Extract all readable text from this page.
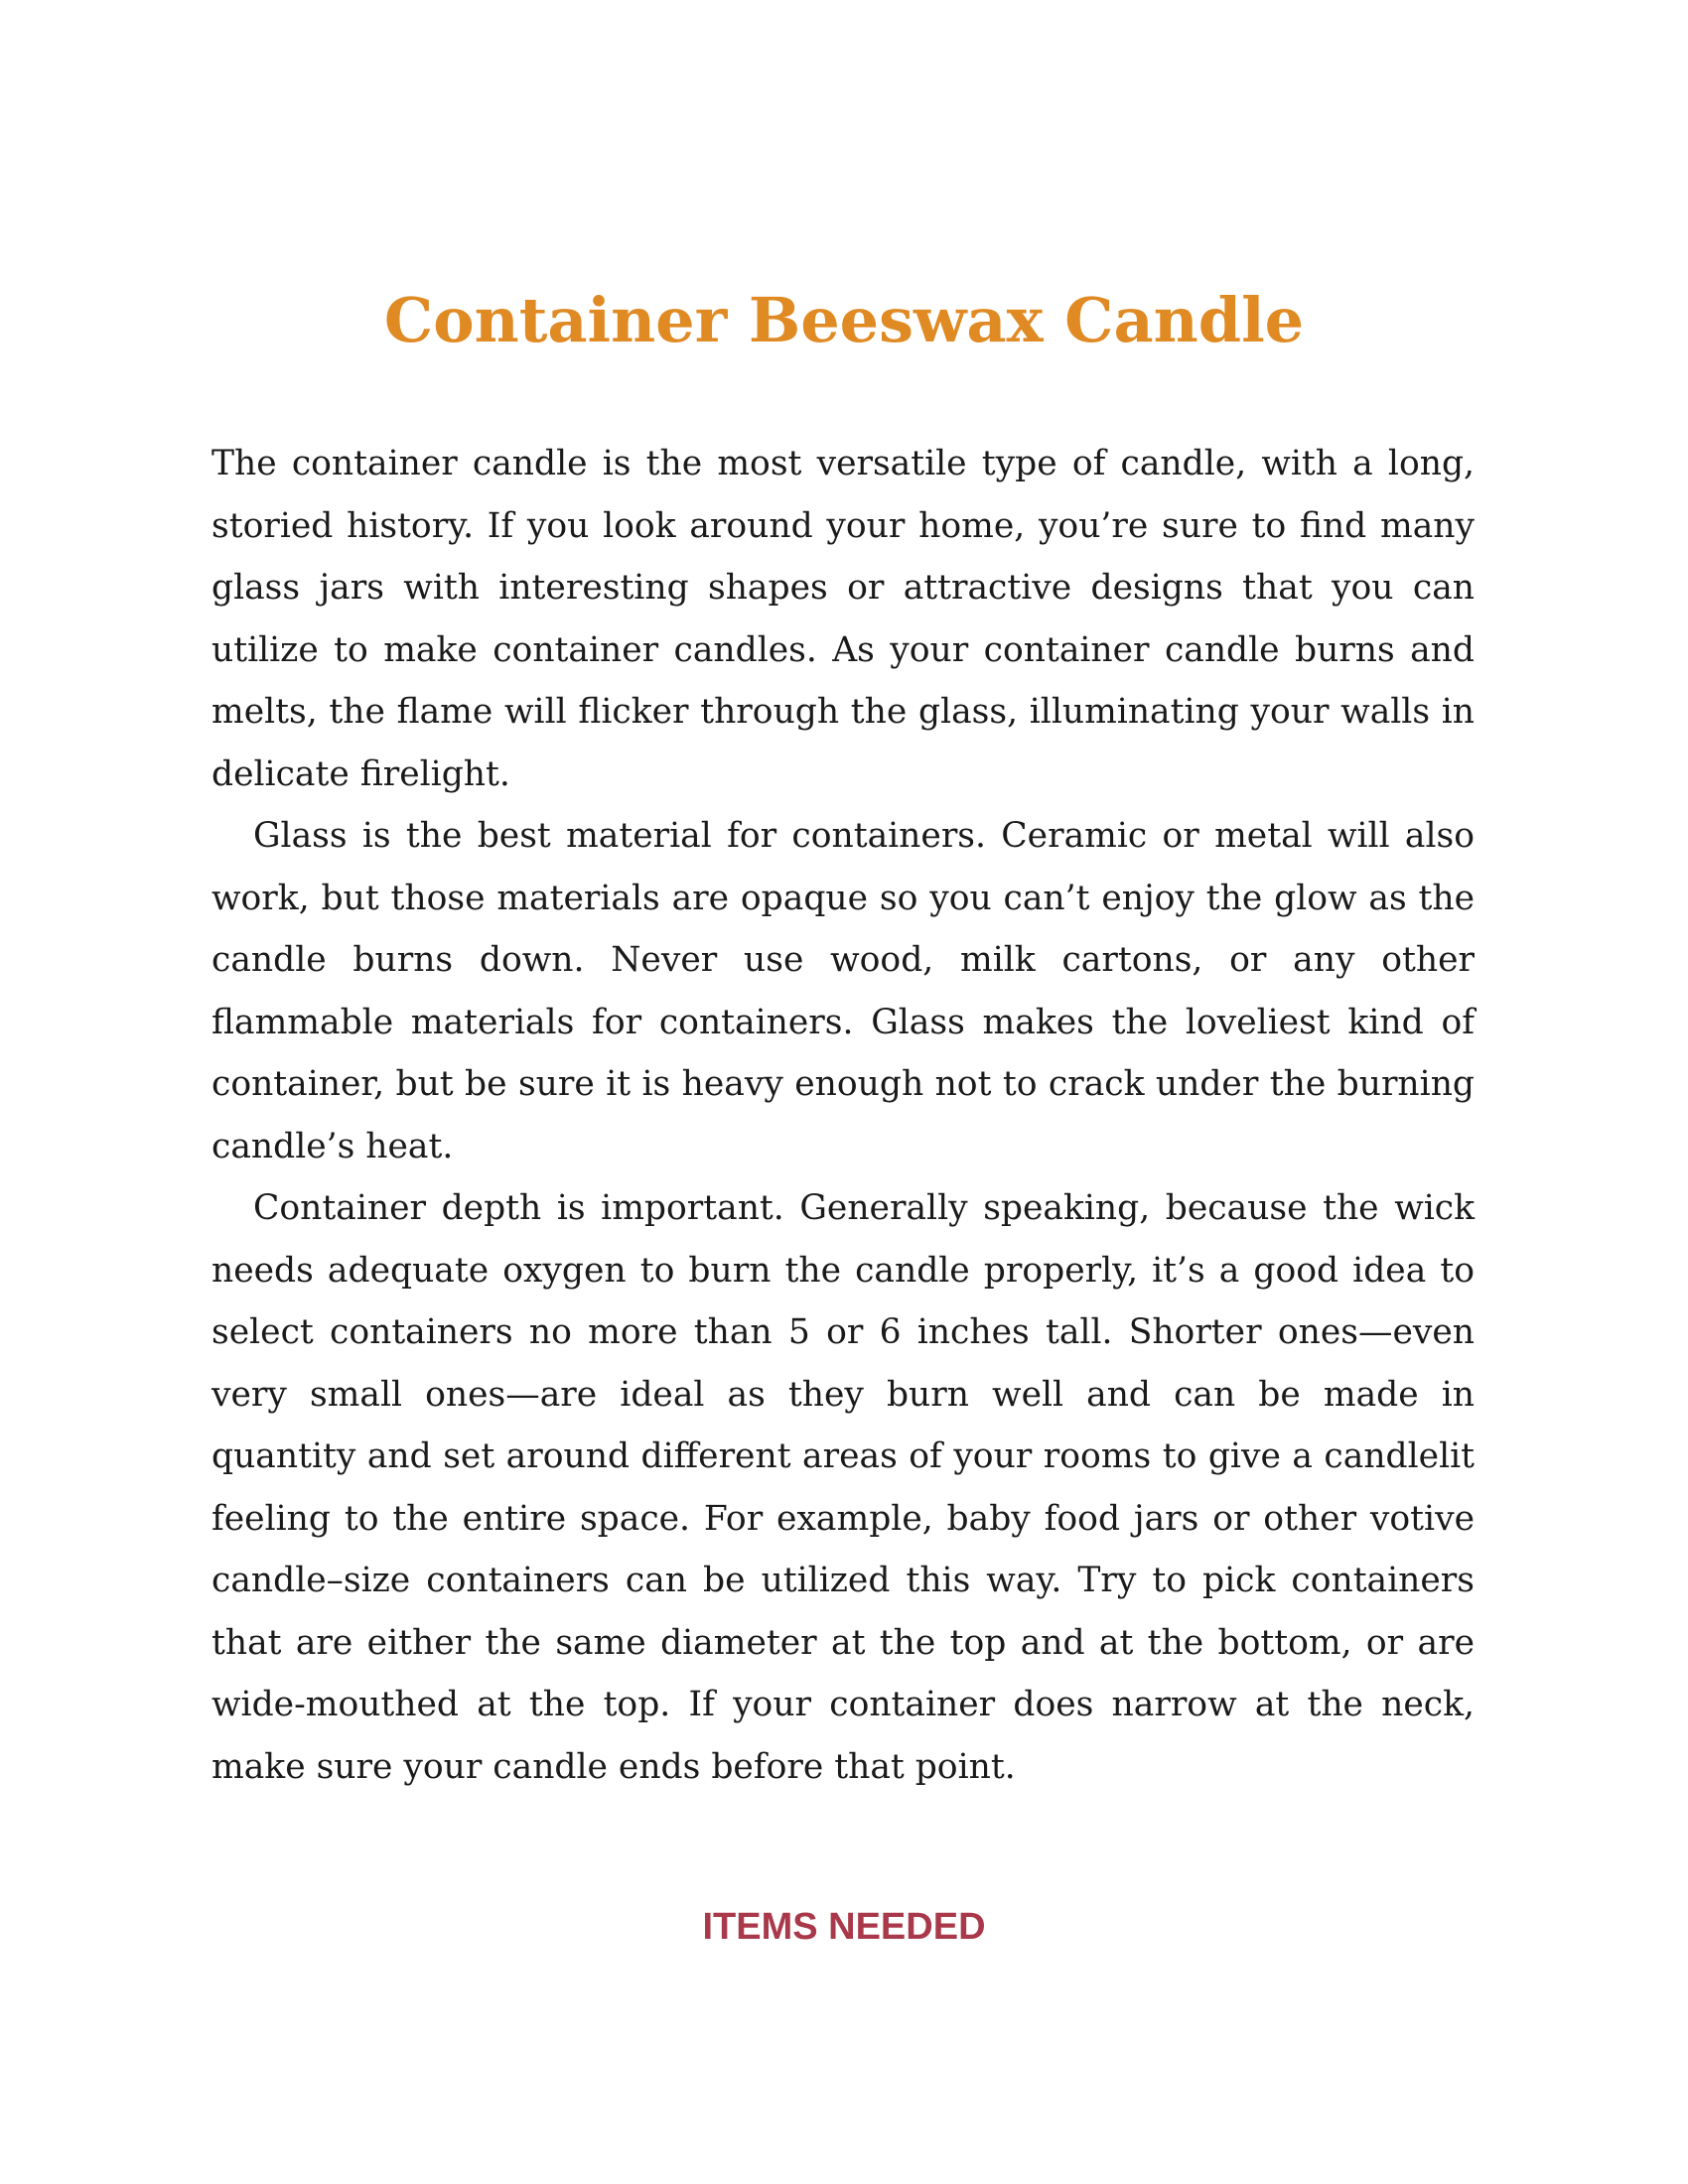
Container Beeswax Candle

The container candle is the most versatile type of candle, with a long, storied history. If you look around your home, you’re sure to find many glass jars with interesting shapes or attractive designs that you can utilize to make container candles. As your container candle burns and melts, the flame will flicker through the glass, illuminating your walls in delicate firelight.

Glass is the best material for containers. Ceramic or metal will also work, but those materials are opaque so you can’t enjoy the glow as the candle burns down. Never use wood, milk cartons, or any other flammable materials for containers. Glass makes the loveliest kind of container, but be sure it is heavy enough not to crack under the burning candle’s heat.

Container depth is important. Generally speaking, because the wick needs adequate oxygen to burn the candle properly, it’s a good idea to select containers no more than 5 or 6 inches tall. Shorter ones—even very small ones—are ideal as they burn well and can be made in quantity and set around different areas of your rooms to give a candlelit feeling to the entire space. For example, baby food jars or other votive candle–size containers can be utilized this way. Try to pick containers that are either the same diameter at the top and at the bottom, or are wide-mouthed at the top. If your container does narrow at the neck, make sure your candle ends before that point.

ITEMS NEEDED
